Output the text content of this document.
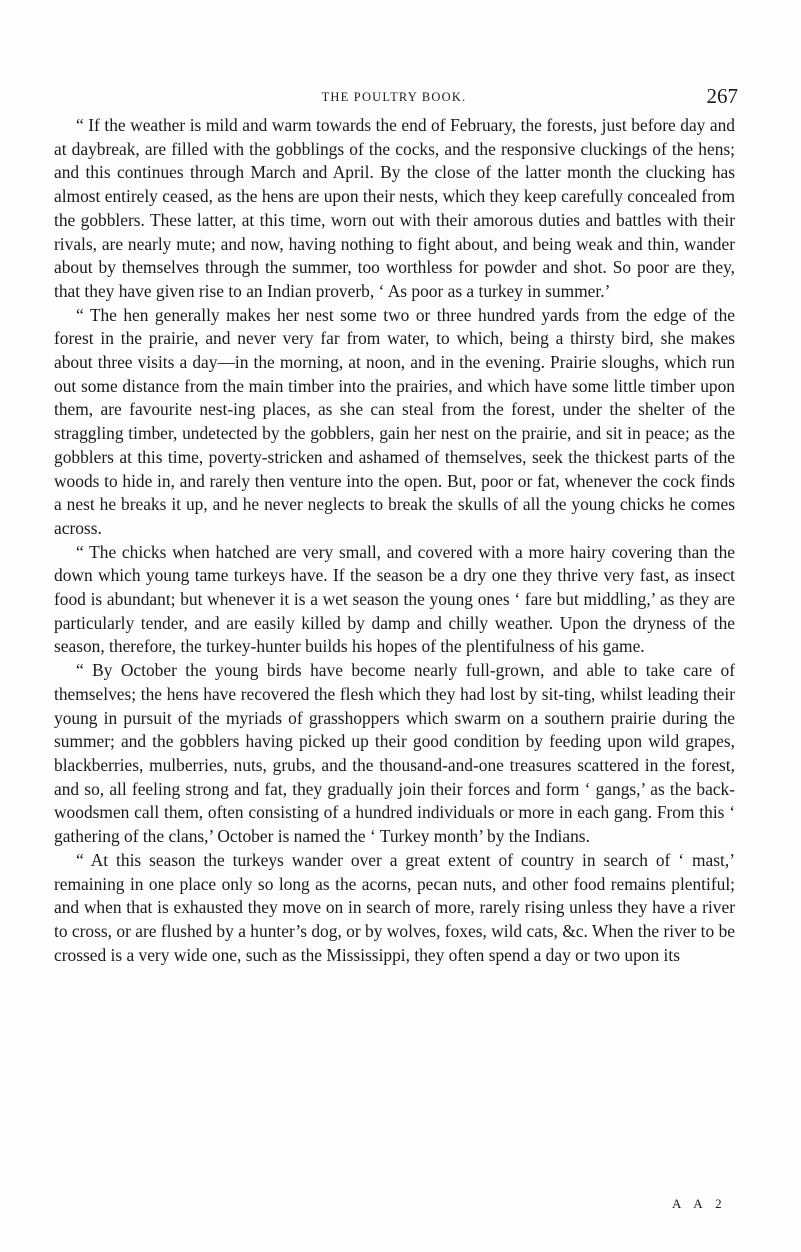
THE POULTRY BOOK.	267

“ If the weather is mild and warm towards the end of February, the forests, just before day and at daybreak, are filled with the gobblings of the cocks, and the responsive cluckings of the hens; and this continues through March and April. By the close of the latter month the clucking has almost entirely ceased, as the hens are upon their nests, which they keep carefully concealed from the gobblers. These latter, at this time, worn out with their amorous duties and battles with their rivals, are nearly mute; and now, having nothing to fight about, and being weak and thin, wander about by themselves through the summer, too worthless for powder and shot. So poor are they, that they have given rise to an Indian proverb, ‘ As poor as a turkey in summer.’

“ The hen generally makes her nest some two or three hundred yards from the edge of the forest in the prairie, and never very far from water, to which, being a thirsty bird, she makes about three visits a day—in the morning, at noon, and in the evening. Prairie sloughs, which run out some distance from the main timber into the prairies, and which have some little timber upon them, are favourite nest-ing places, as she can steal from the forest, under the shelter of the straggling timber, undetected by the gobblers, gain her nest on the prairie, and sit in peace; as the gobblers at this time, poverty-stricken and ashamed of themselves, seek the thickest parts of the woods to hide in, and rarely then venture into the open. But, poor or fat, whenever the cock finds a nest he breaks it up, and he never neglects to break the skulls of all the young chicks he comes across.

“ The chicks when hatched are very small, and covered with a more hairy covering than the down which young tame turkeys have. If the season be a dry one they thrive very fast, as insect food is abundant; but whenever it is a wet season the young ones ‘ fare but middling,’ as they are particularly tender, and are easily killed by damp and chilly weather. Upon the dryness of the season, therefore, the turkey-hunter builds his hopes of the plentifulness of his game.

“ By October the young birds have become nearly full-grown, and able to take care of themselves; the hens have recovered the flesh which they had lost by sit-ting, whilst leading their young in pursuit of the myriads of grasshoppers which swarm on a southern prairie during the summer; and the gobblers having picked up their good condition by feeding upon wild grapes, blackberries, mulberries, nuts, grubs, and the thousand-and-one treasures scattered in the forest, and so, all feeling strong and fat, they gradually join their forces and form ‘ gangs,’ as the back-woodsmen call them, often consisting of a hundred individuals or more in each gang. From this ‘ gathering of the clans,’ October is named the ‘ Turkey month’ by the Indians.

“ At this season the turkeys wander over a great extent of country in search of ‘ mast,’ remaining in one place only so long as the acorns, pecan nuts, and other food remains plentiful; and when that is exhausted they move on in search of more, rarely rising unless they have a river to cross, or are flushed by a hunter’s dog, or by wolves, foxes, wild cats, &c. When the river to be crossed is a very wide one, such as the Mississippi, they often spend a day or two upon its

A A 2
